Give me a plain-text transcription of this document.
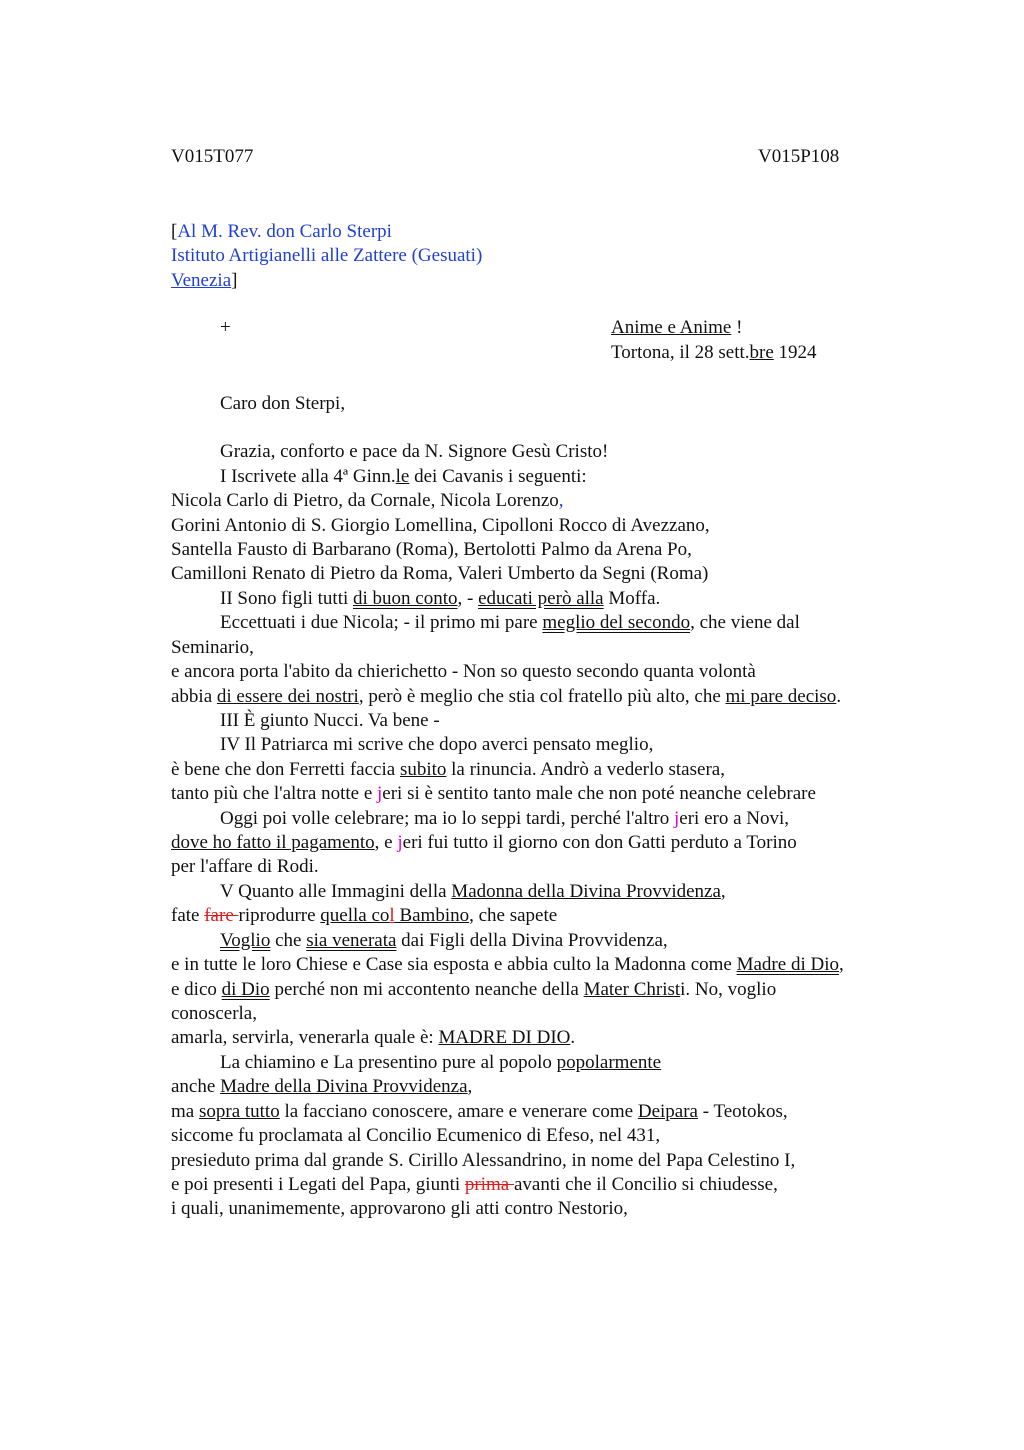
V015T077	V015P108
[Al M. Rev. don Carlo Sterpi
Istituto Artigianelli alle Zattere (Gesuati)
Venezia]
+	Anime e Anime !
Tortona, il 28 sett.bre 1924
Caro don Sterpi,
Grazia, conforto e pace da N. Signore Gesù Cristo!
I Iscrivete alla 4ª Ginn.le dei Cavanis i seguenti:
Nicola Carlo di Pietro, da Cornale, Nicola Lorenzo,
Gorini Antonio di S. Giorgio Lomellina, Cipolloni Rocco di Avezzano,
Santella Fausto di Barbarano (Roma), Bertolotti Palmo da Arena Po,
Camilloni Renato di Pietro da Roma, Valeri Umberto da Segni (Roma)
II Sono figli tutti di buon conto, - educati però alla Moffa.
Eccettuati i due Nicola; - il primo mi pare meglio del secondo, che viene dal
Seminario,
e ancora porta l'abito da chierichetto - Non so questo secondo quanta volontà
abbia di essere dei nostri, però è meglio che stia col fratello più alto, che mi pare deciso.
III È giunto Nucci. Va bene -
IV Il Patriarca mi scrive che dopo averci pensato meglio,
è bene che don Ferretti faccia subito la rinuncia. Andrò a vederlo stasera,
tanto più che l'altra notte e jeri si è sentito tanto male che non poté neanche celebrare
Oggi poi volle celebrare; ma io lo seppi tardi, perché l'altro jeri ero a Novi,
dove ho fatto il pagamento, e jeri fui tutto il giorno con don Gatti perduto a Torino
per l'affare di Rodi.
V Quanto alle Immagini della Madonna della Divina Provvidenza,
fate fare riprodurre quella col Bambino, che sapete
Voglio che sia venerata dai Figli della Divina Provvidenza,
e in tutte le loro Chiese e Case sia esposta e abbia culto la Madonna come Madre di Dio,
e dico di Dio perché non mi accontento neanche della Mater Christi. No, voglio
conoscerla,
amarla, servirla, venerarla quale è: MADRE DI DIO.
La chiamino e La presentino pure al popolo popolarmente
anche Madre della Divina Provvidenza,
ma sopra tutto la facciano conoscere, amare e venerare come Deipara - Teotokos,
siccome fu proclamata al Concilio Ecumenico di Efeso, nel 431,
presieduto prima dal grande S. Cirillo Alessandrino, in nome del Papa Celestino I,
e poi presenti i Legati del Papa, giunti prima avanti che il Concilio si chiudesse,
i quali, unanimemente, approvarono gli atti contro Nestorio,
